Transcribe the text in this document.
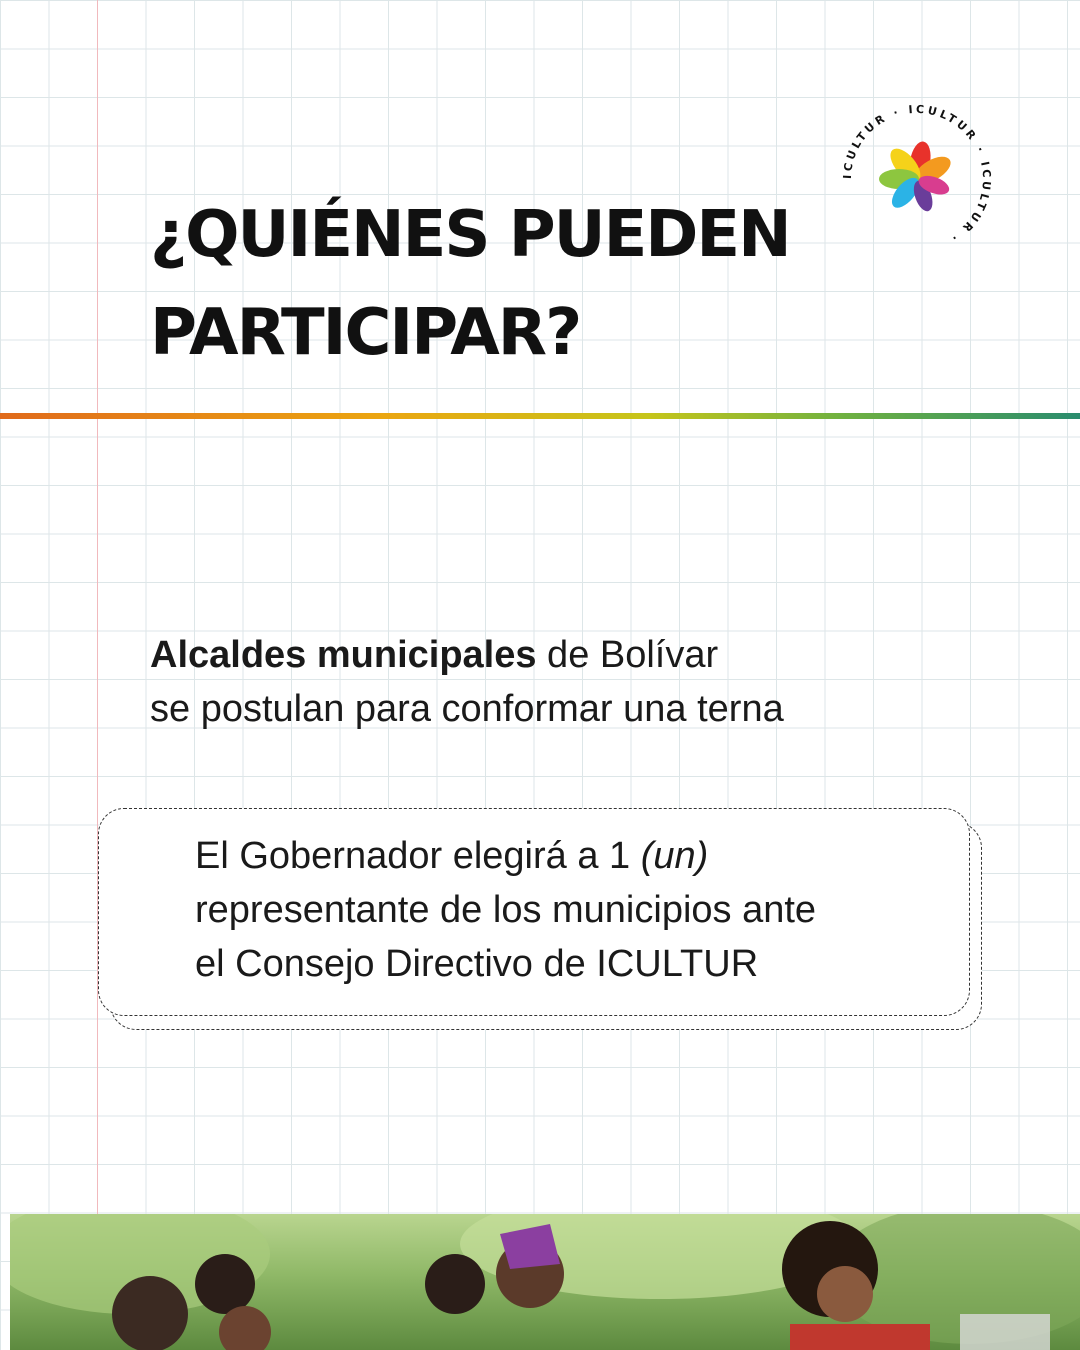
¿QUIÉNES PUEDEN
PARTICIPAR?
ICULTUR · ICULTUR · ICULTUR ·

Alcaldes municipales de Bolívar
se postulan para conformar una terna

El Gobernador elegirá a 1 (un)
representante de los municipios ante
el Consejo Directivo de ICULTUR
